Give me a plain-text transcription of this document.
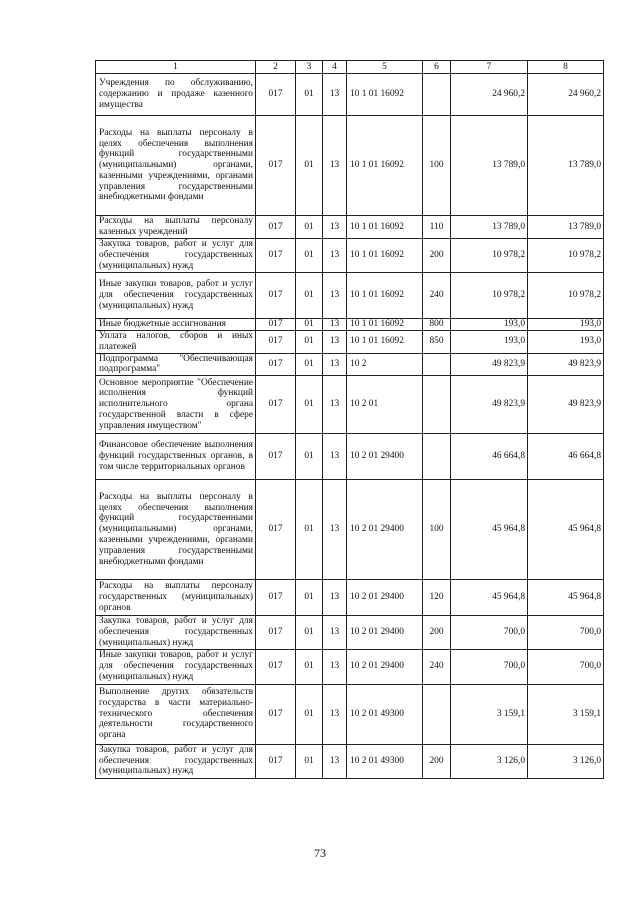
1	2	3	4	5	6	7	8
Учреждения по обслуживанию, содержанию и продаже казенного имущества	017	01	13	10 1 01 16092		24 960,2	24 960,2
Расходы на выплаты персоналу в целях обеспечения выполнения функций государственными (муниципальными) органами, казенными учреждениями, органами управления государственными внебюджетными фондами	017	01	13	10 1 01 16092	100	13 789,0	13 789,0
Расходы на выплаты персоналу казенных учреждений	017	01	13	10 1 01 16092	110	13 789,0	13 789,0
Закупка товаров, работ и услуг для обеспечения государственных (муниципальных) нужд	017	01	13	10 1 01 16092	200	10 978,2	10 978,2
Иные закупки товаров, работ и услуг для обеспечения государственных (муниципальных) нужд	017	01	13	10 1 01 16092	240	10 978,2	10 978,2
Иные бюджетные ассигнования	017	01	13	10 1 01 16092	800	193,0	193,0
Уплата налогов, сборов и иных платежей	017	01	13	10 1 01 16092	850	193,0	193,0
Подпрограмма "Обеспечивающая подпрограмма"	017	01	13	10 2		49 823,9	49 823,9
Основное мероприятие "Обеспечение исполнения функций исполнительного органа государственной власти в сфере управления имуществом"	017	01	13	10 2 01		49 823,9	49 823,9
Финансовое обеспечение выполнения функций государственных органов, в том числе территориальных органов	017	01	13	10 2 01 29400		46 664,8	46 664,8
Расходы на выплаты персоналу в целях обеспечения выполнения функций государственными (муниципальными) органами, казенными учреждениями, органами управления государственными внебюджетными фондами	017	01	13	10 2 01 29400	100	45 964,8	45 964,8
Расходы на выплаты персоналу государственных (муниципальных) органов	017	01	13	10 2 01 29400	120	45 964,8	45 964,8
Закупка товаров, работ и услуг для обеспечения государственных (муниципальных) нужд	017	01	13	10 2 01 29400	200	700,0	700,0
Иные закупки товаров, работ и услуг для обеспечения государственных (муниципальных) нужд	017	01	13	10 2 01 29400	240	700,0	700,0
Выполнение других обязательств государства в части материально-технического обеспечения деятельности государственного органа	017	01	13	10 2 01 49300		3 159,1	3 159,1
Закупка товаров, работ и услуг для обеспечения государственных (муниципальных) нужд	017	01	13	10 2 01 49300	200	3 126,0	3 126,0
73
